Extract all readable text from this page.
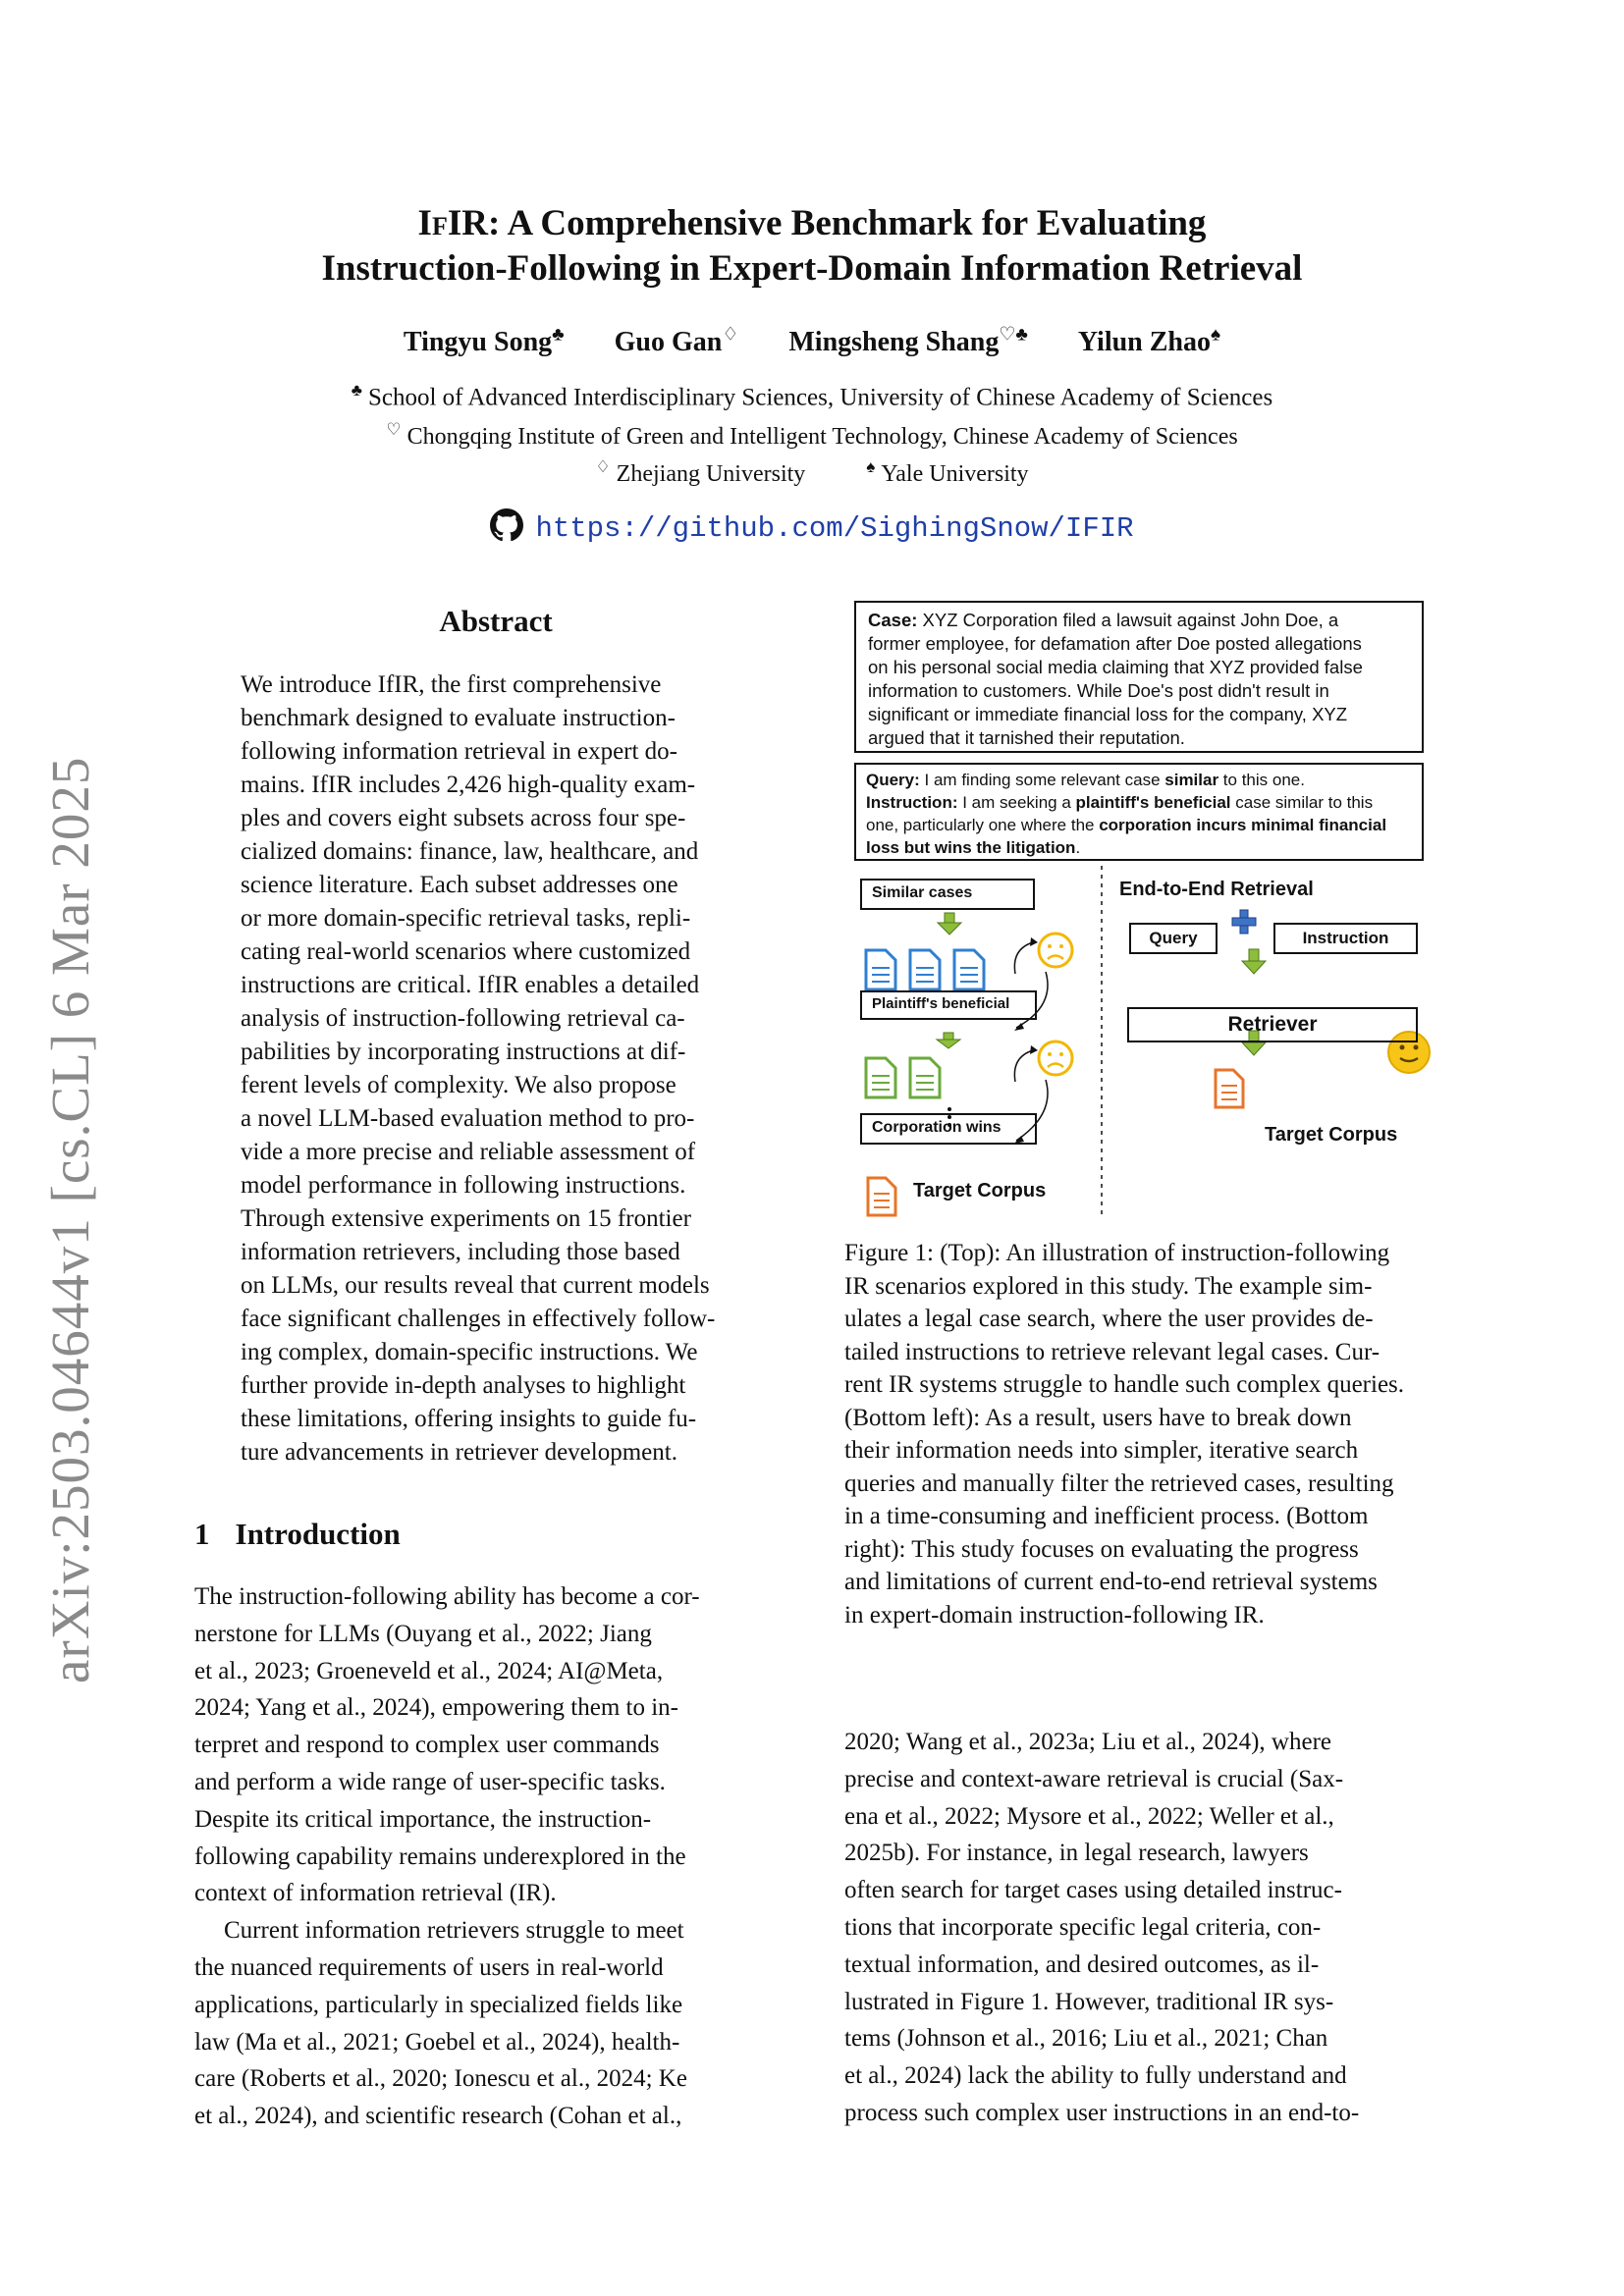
arXiv:2503.04644v1 [cs.CL] 6 Mar 2025
IfIR: A Comprehensive Benchmark for Evaluating
Instruction-Following in Expert-Domain Information Retrieval
Tingyu Song♣ Guo Gan♢ Mingsheng Shang♡♣ Yilun Zhao♠
♣ School of Advanced Interdisciplinary Sciences, University of Chinese Academy of Sciences
♡ Chongqing Institute of Green and Intelligent Technology, Chinese Academy of Sciences
♢ Zhejiang University	♠ Yale University
https://github.com/SighingSnow/IFIR
Abstract
We introduce IfIR, the first comprehensive
benchmark designed to evaluate instruction-
following information retrieval in expert do-
mains. IfIR includes 2,426 high-quality exam-
ples and covers eight subsets across four spe-
cialized domains: finance, law, healthcare, and
science literature. Each subset addresses one
or more domain-specific retrieval tasks, repli-
cating real-world scenarios where customized
instructions are critical. IfIR enables a detailed
analysis of instruction-following retrieval ca-
pabilities by incorporating instructions at dif-
ferent levels of complexity. We also propose
a novel LLM-based evaluation method to pro-
vide a more precise and reliable assessment of
model performance in following instructions.
Through extensive experiments on 15 frontier
information retrievers, including those based
on LLMs, our results reveal that current models
face significant challenges in effectively follow-
ing complex, domain-specific instructions. We
further provide in-depth analyses to highlight
these limitations, offering insights to guide fu-
ture advancements in retriever development.
1 Introduction
The instruction-following ability has become a cor-
nerstone for LLMs (Ouyang et al., 2022; Jiang
et al., 2023; Groeneveld et al., 2024; AI@Meta,
2024; Yang et al., 2024), empowering them to in-
terpret and respond to complex user commands
and perform a wide range of user-specific tasks.
Despite its critical importance, the instruction-
following capability remains underexplored in the
context of information retrieval (IR).
Current information retrievers struggle to meet
the nuanced requirements of users in real-world
applications, particularly in specialized fields like
law (Ma et al., 2021; Goebel et al., 2024), health-
care (Roberts et al., 2020; Ionescu et al., 2024; Ke
et al., 2024), and scientific research (Cohan et al.,
2020; Wang et al., 2023a; Liu et al., 2024), where
precise and context-aware retrieval is crucial (Sax-
ena et al., 2022; Mysore et al., 2022; Weller et al.,
2025b). For instance, in legal research, lawyers
often search for target cases using detailed instruc-
tions that incorporate specific legal criteria, con-
textual information, and desired outcomes, as il-
lustrated in Figure 1. However, traditional IR sys-
tems (Johnson et al., 2016; Liu et al., 2021; Chan
et al., 2024) lack the ability to fully understand and
process such complex user instructions in an end-to-
Case: XYZ Corporation filed a lawsuit against John Doe, a
former employee, for defamation after Doe posted allegations
on his personal social media claiming that XYZ provided false
information to customers. While Doe's post didn't result in
significant or immediate financial loss for the company, XYZ
argued that it tarnished their reputation.
Query: I am finding some relevant case similar to this one.
Instruction: I am seeking a plaintiff's beneficial case similar to this
one, particularly one where the corporation incurs minimal financial
loss but wins the litigation.
Similar cases
Plaintiff's beneficial
Corporation wins
Target Corpus
End-to-End Retrieval
Query	Instruction
Retriever
Target Corpus
Figure 1: (Top): An illustration of instruction-following
IR scenarios explored in this study. The example sim-
ulates a legal case search, where the user provides de-
tailed instructions to retrieve relevant legal cases. Cur-
rent IR systems struggle to handle such complex queries.
(Bottom left): As a result, users have to break down
their information needs into simpler, iterative search
queries and manually filter the retrieved cases, resulting
in a time-consuming and inefficient process. (Bottom
right): This study focuses on evaluating the progress
and limitations of current end-to-end retrieval systems
in expert-domain instruction-following IR.
